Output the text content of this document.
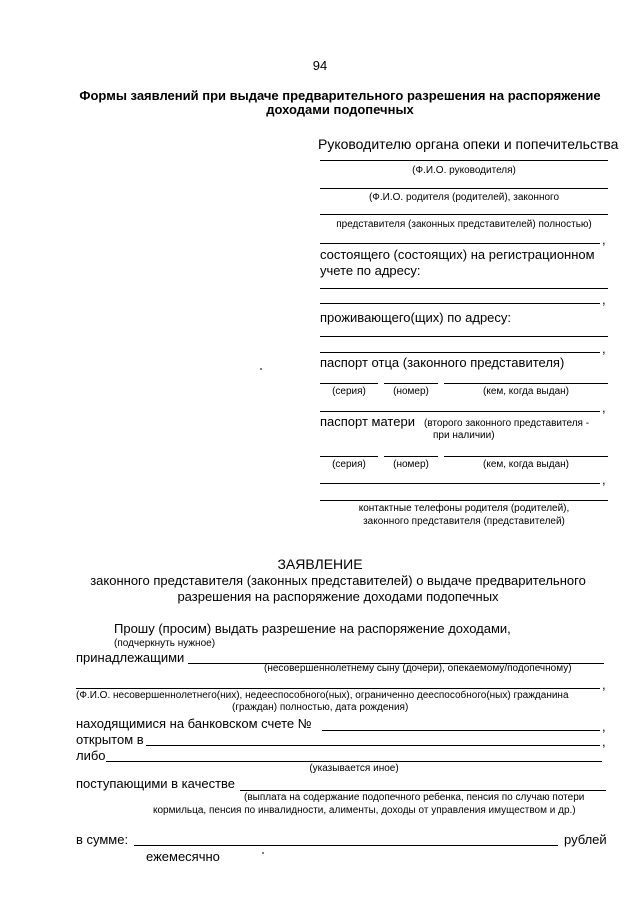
94
Формы заявлений при выдаче предварительного разрешения на распоряжение
доходами подопечных
Руководителю органа опеки и попечительства
(Ф.И.О. руководителя)
(Ф.И.О. родителя (родителей), законного
представителя (законных представителей) полностью)
,
состоящего (состоящих) на регистрационном
учете по адресу:
,
проживающего(щих) по адресу:
,
паспорт отца (законного представителя)
(серия)	(номер)	(кем, когда выдан)
,
паспорт матери (второго законного представителя -
при наличии)
(серия)	(номер)	(кем, когда выдан)
,
контактные телефоны родителя (родителей),
законного представителя (представителей)
ЗАЯВЛЕНИЕ
законного представителя (законных представителей) о выдаче предварительного
разрешения на распоряжение доходами подопечных
Прошу (просим) выдать разрешение на распоряжение доходами,
(подчеркнуть нужное)
принадлежащими
(несовершеннолетнему сыну (дочери), опекаемому/подопечному)
,
(Ф.И.О. несовершеннолетнего(них), недееспособного(ных), ограниченно дееспособного(ных) гражданина
(граждан) полностью, дата рождения)
находящимися на банковском счете №	,
открытом в	,
либо
(указывается иное)
поступающими в качестве
(выплата на содержание подопечного ребенка, пенсия по случаю потери
кормильца, пенсия по инвалидности, алименты, доходы от управления имуществом и др.)
в сумме:	рублей
ежемесячно
